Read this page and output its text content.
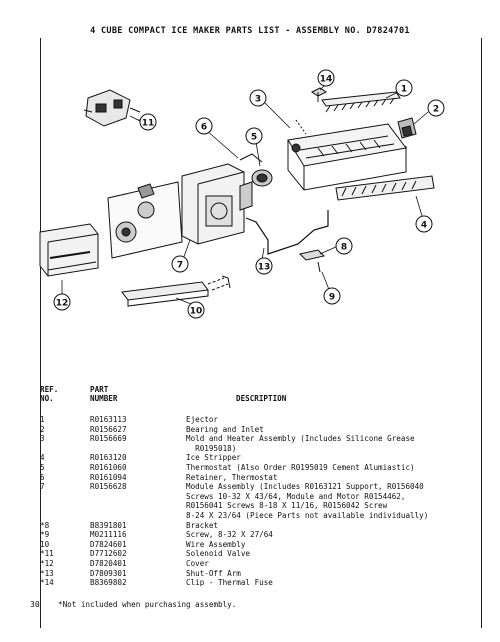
4 CUBE COMPACT ICE MAKER PARTS LIST - ASSEMBLY NO. D7824701
1
2
3
4
5
6
7
8
9
10
11
12
13
14
REF.
NO.
PART
NUMBER	DESCRIPTION
1	R0163113	Ejector
2	R0156627	Bearing and Inlet
3	R0156669	Mold and Heater Assembly (Includes Silicone Grease
R0195018)
4	R0163120	Ice Stripper
5	R0161060	Thermostat (Also Order R0195019 Cement Alumiastic)
6	R0161094	Retainer, Thermostat
7	R0156628	Module Assembly (Includes R0163121 Support, R0156040
Screws 10-32 X 43/64, Module and Motor R0154462,
R0156041 Screws 8-18 X 11/16, R0156042 Screw
8-24 X 23/64 (Piece Parts not available individually)
*8	B8391801	Bracket
*9	M0211116	Screw, 8-32 X 27/64
10	D7824601	Wire Assembly
*11	D7712602	Solenoid Valve
*12	D7820401	Cover
*13	D7809301	Shut-Off Arm
*14	B8369802	Clip - Thermal Fuse
30 *Not included when purchasing assembly.
